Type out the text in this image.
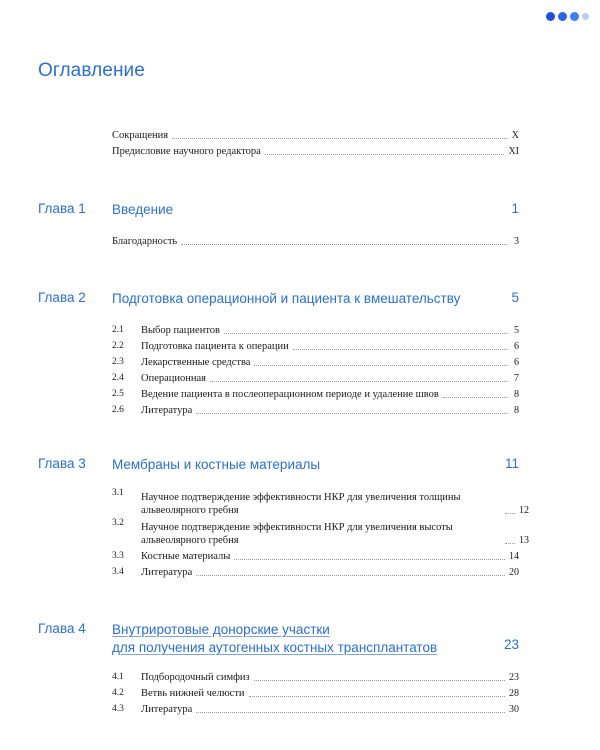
Оглавление
Сокращения	X
Предисловие научного редактора	XI
Глава 1 Введение	1
Благодарность	3
Глава 2 Подготовка операционной и пациента к вмешательству	5
2.1	Выбор пациентов	5
2.2	Подготовка пациента к операции	6
2.3	Лекарственные средства	6
2.4	Операционная	7
2.5	Ведение пациента в послеоперационном периоде и удаление швов	8
2.6	Литература	8
Глава 3 Мембраны и костные материалы	11
3.1	Научное подтверждение эффективности НКР для увеличения толщины альвеолярного гребня	12
3.2	Научное подтверждение эффективности НКР для увеличения высоты альвеолярного гребня	13
3.3	Костные материалы	14
3.4	Литература	20
Глава 4 Внутриротовые донорские участки
для получения аутогенных костных трансплантатов	23
4.1	Подбородочный симфиз	23
4.2	Ветвь нижней челюсти	28
4.3	Литература	30
